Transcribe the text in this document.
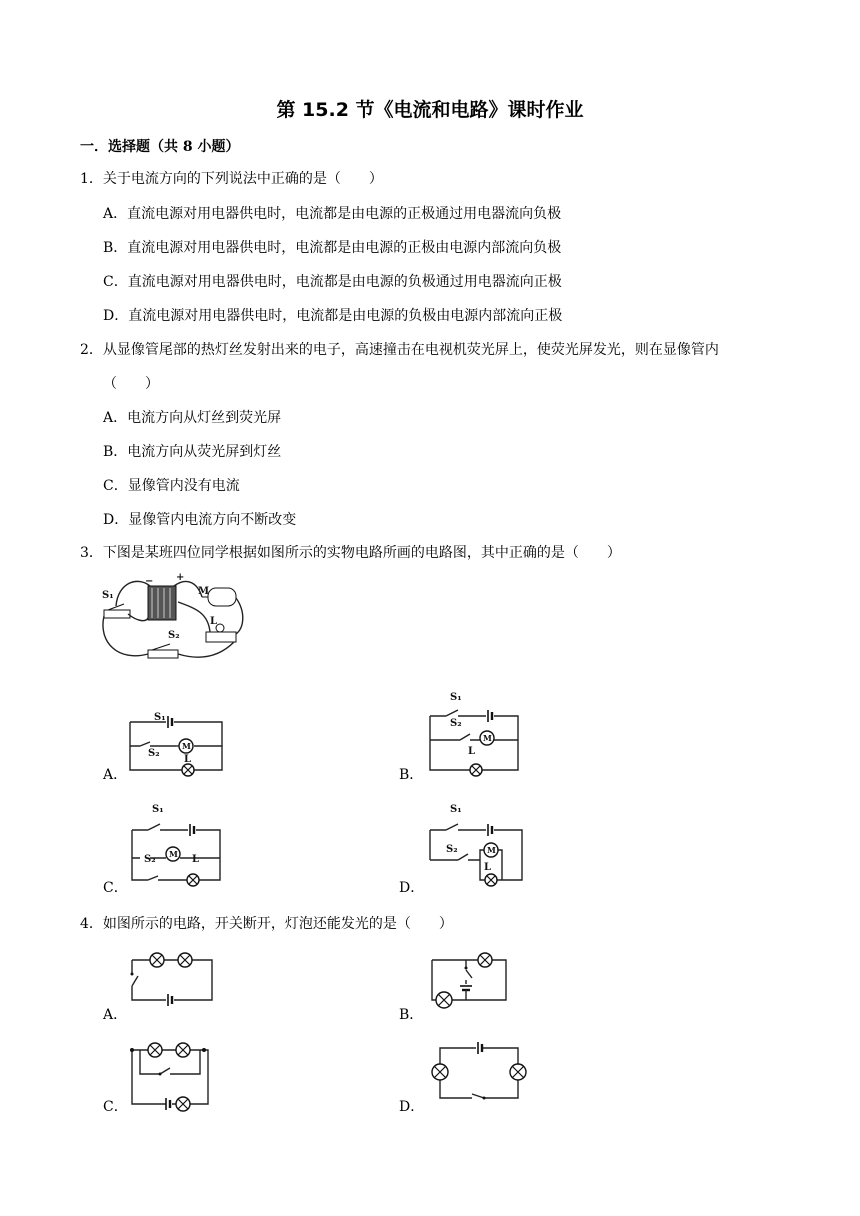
第 15.2 节《电流和电路》课时作业
一．选择题（共 8 小题）
1．关于电流方向的下列说法中正确的是（　　）
A．直流电源对用电器供电时，电流都是由电源的正极通过用电器流向负极
B．直流电源对用电器供电时，电流都是由电源的正极由电源内部流向负极
C．直流电源对用电器供电时，电流都是由电源的负极通过用电器流向正极
D．直流电源对用电器供电时，电流都是由电源的负极由电源内部流向正极
2．从显像管尾部的热灯丝发射出来的电子，高速撞击在电视机荧光屏上，使荧光屏发光，则在显像管内
（　　）
A．电流方向从灯丝到荧光屏
B．电流方向从荧光屏到灯丝
C．显像管内没有电流
D．显像管内电流方向不断改变
3．下图是某班四位同学根据如图所示的实物电路所画的电路图，其中正确的是（　　）
− +
M
L
S₁
S₂
A．
S₁
S₂
M
L
B．
S₁
S₂
M
L
C．
S₁
S₂ M L
D．
S₁
S₂	M
L
4．如图所示的电路，开关断开，灯泡还能发光的是（　　）
A．	B．
C．	D．
